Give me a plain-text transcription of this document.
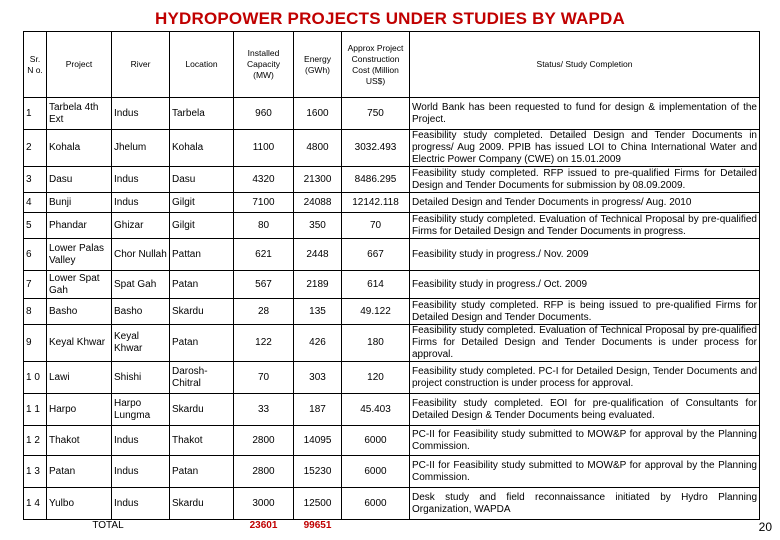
HYDROPOWER PROJECTS UNDER STUDIES BY WAPDA
Sr. N o.	Project	River	Location	Installed Capacity (MW)	Energy (GWh)	Approx Project Construction Cost (Million US$)	Status/ Study Completion
1	Tarbela 4th Ext	Indus	Tarbela	960	1600	750	World Bank has been requested to fund for design & implementation of the Project.
2	Kohala	Jhelum	Kohala	1100	4800	3032.493	Feasibility study completed. Detailed Design and Tender Documents in progress/ Aug 2009. PPIB has issued LOI to China International Water and Electric Power Company (CWE) on 15.01.2009
3	Dasu	Indus	Dasu	4320	21300	8486.295	Feasibility study completed. RFP issued to pre-qualified Firms for Detailed Design and Tender Documents for submission by 08.09.2009.
4	Bunji	Indus	Gilgit	7100	24088	12142.118	Detailed Design and Tender Documents in progress/ Aug. 2010
5	Phandar	Ghizar	Gilgit	80	350	70	Feasibility study completed. Evaluation of Technical Proposal by pre-qualified Firms for Detailed Design and Tender Documents in progress.
6	Lower Palas Valley	Chor Nullah	Pattan	621	2448	667	Feasibility study in progress./ Nov. 2009
7	Lower Spat Gah	Spat Gah	Patan	567	2189	614	Feasibility study in progress./ Oct. 2009
8	Basho	Basho	Skardu	28	135	49.122	Feasibility study completed. RFP is being issued to pre-qualified Firms for Detailed Design and Tender Documents.
9	Keyal Khwar	Keyal Khwar	Patan	122	426	180	Feasibility study completed. Evaluation of Technical Proposal by pre-qualified Firms for Detailed Design and Tender Documents is under process for approval.
1 0	Lawi	Shishi	Darosh-Chitral	70	303	120	Feasibility study completed. PC-I for Detailed Design, Tender Documents and project construction is under process for approval.
1 1	Harpo	Harpo Lungma	Skardu	33	187	45.403	Feasibility study completed. EOI for pre-qualification of Consultants for Detailed Design & Tender Documents being evaluated.
1 2	Thakot	Indus	Thakot	2800	14095	6000	PC-II for Feasibility study submitted to MOW&P for approval by the Planning Commission.
1 3	Patan	Indus	Patan	2800	15230	6000	PC-II for Feasibility study submitted to MOW&P for approval by the Planning Commission.
1 4	Yulbo	Indus	Skardu	3000	12500	6000	Desk study and field reconnaissance initiated by Hydro Planning Organization, WAPDA
	TOTAL			23601	99651			20
